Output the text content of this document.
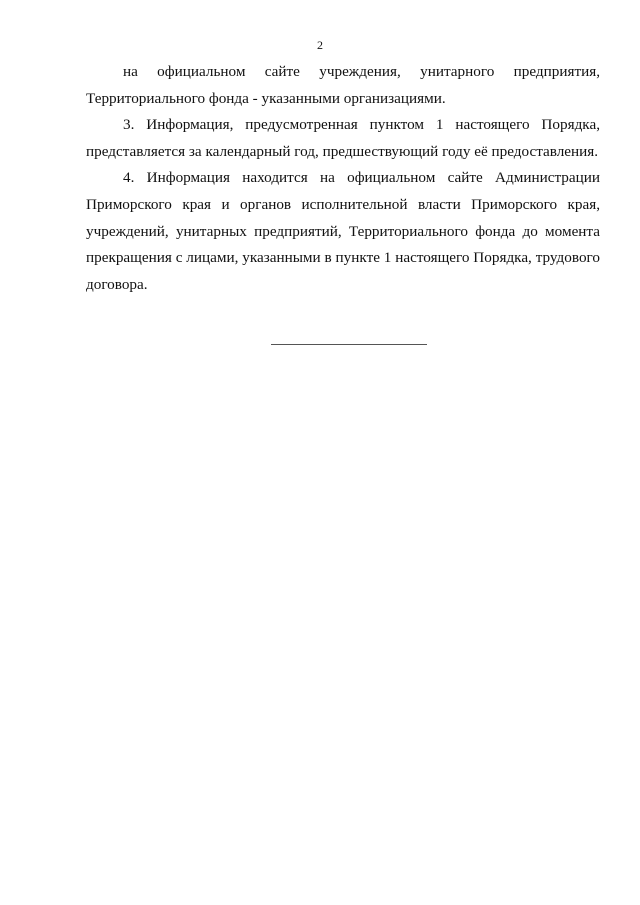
2

на официальном сайте учреждения, унитарного предприятия, Территориального фонда - указанными организациями.

3. Информация, предусмотренная пунктом 1 настоящего Порядка, представляется за календарный год, предшествующий году её предоставления.

4. Информация находится на официальном сайте Администрации Приморского края и органов исполнительной власти Приморского края, учреждений, унитарных предприятий, Территориального фонда до момента прекращения с лицами, указанными в пункте 1 настоящего Порядка, трудового договора.
